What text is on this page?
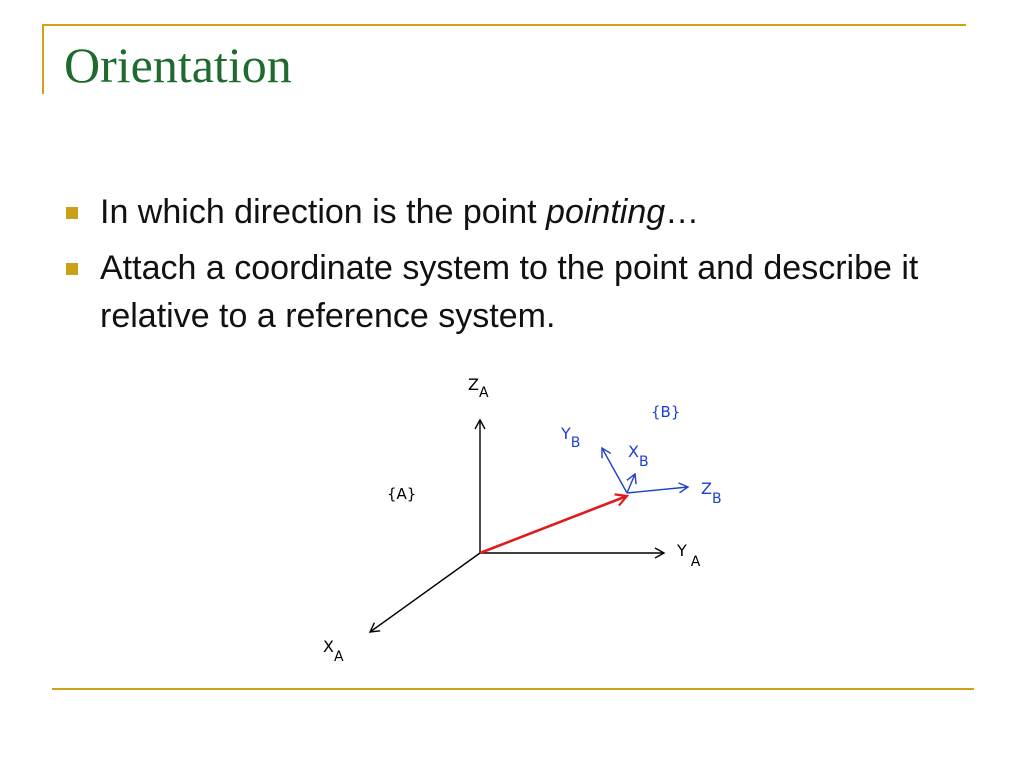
Orientation
In which direction is the point pointing…
Attach a coordinate system to the point and describe it relative to a reference system.
ZA
YA
XA
{A}
{B}
YB	XB
ZB
